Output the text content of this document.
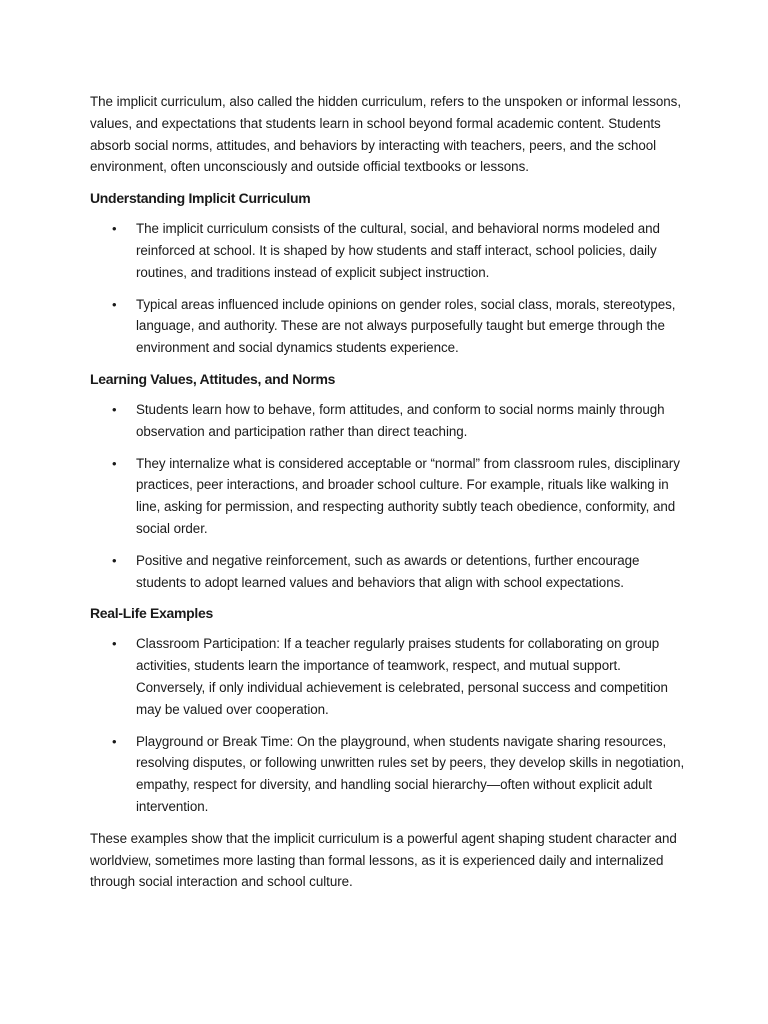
The implicit curriculum, also called the hidden curriculum, refers to the unspoken or informal lessons, values, and expectations that students learn in school beyond formal academic content. Students absorb social norms, attitudes, and behaviors by interacting with teachers, peers, and the school environment, often unconsciously and outside official textbooks or lessons.

Understanding Implicit Curriculum
• The implicit curriculum consists of the cultural, social, and behavioral norms modeled and reinforced at school. It is shaped by how students and staff interact, school policies, daily routines, and traditions instead of explicit subject instruction.
• Typical areas influenced include opinions on gender roles, social class, morals, stereotypes, language, and authority. These are not always purposefully taught but emerge through the environment and social dynamics students experience.
Learning Values, Attitudes, and Norms
• Students learn how to behave, form attitudes, and conform to social norms mainly through observation and participation rather than direct teaching.
• They internalize what is considered acceptable or “normal” from classroom rules, disciplinary practices, peer interactions, and broader school culture. For example, rituals like walking in line, asking for permission, and respecting authority subtly teach obedience, conformity, and social order.
• Positive and negative reinforcement, such as awards or detentions, further encourage students to adopt learned values and behaviors that align with school expectations.
Real-Life Examples
• Classroom Participation: If a teacher regularly praises students for collaborating on group activities, students learn the importance of teamwork, respect, and mutual support. Conversely, if only individual achievement is celebrated, personal success and competition may be valued over cooperation.
• Playground or Break Time: On the playground, when students navigate sharing resources, resolving disputes, or following unwritten rules set by peers, they develop skills in negotiation, empathy, respect for diversity, and handling social hierarchy—often without explicit adult intervention.

These examples show that the implicit curriculum is a powerful agent shaping student character and worldview, sometimes more lasting than formal lessons, as it is experienced daily and internalized through social interaction and school culture.
